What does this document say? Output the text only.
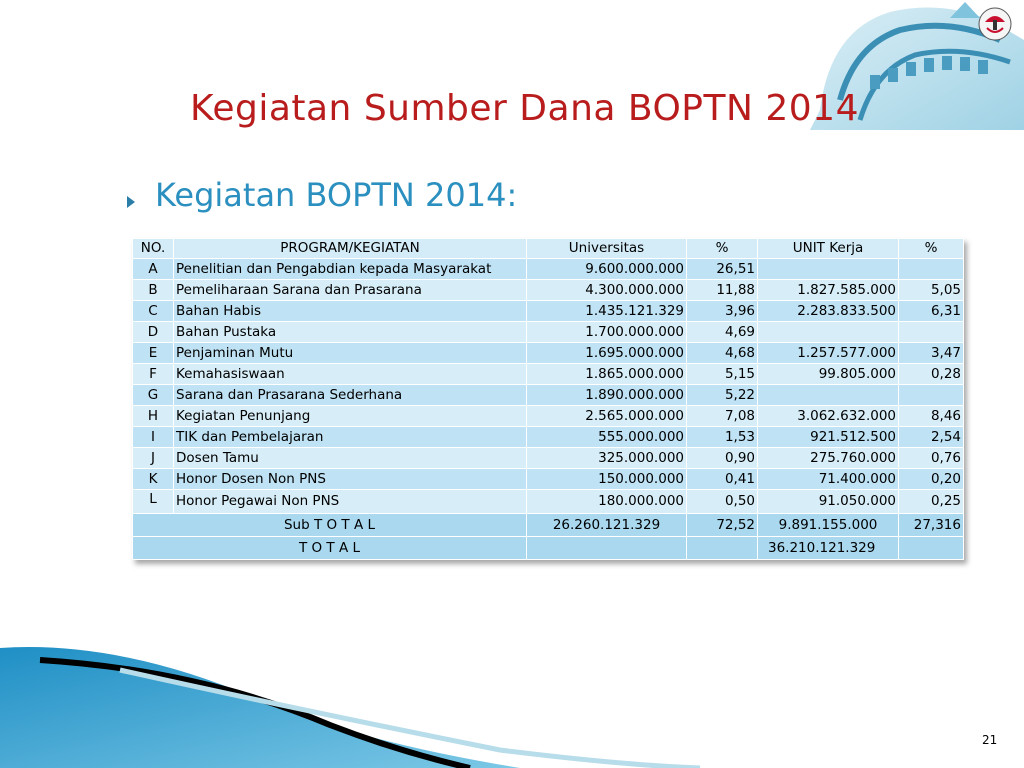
Kegiatan Sumber Dana BOPTN 2014
Kegiatan BOPTN 2014:
NO.	PROGRAM/KEGIATAN	Universitas	%	UNIT Kerja	%
A	Penelitian dan Pengabdian kepada Masyarakat	9.600.000.000	26,51		
B	Pemeliharaan Sarana dan Prasarana	4.300.000.000	11,88	1.827.585.000	5,05
C	Bahan Habis	1.435.121.329	3,96	2.283.833.500	6,31
D	Bahan Pustaka	1.700.000.000	4,69		
E	Penjaminan Mutu	1.695.000.000	4,68	1.257.577.000	3,47
F	Kemahasiswaan	1.865.000.000	5,15	99.805.000	0,28
G	Sarana dan Prasarana Sederhana	1.890.000.000	5,22		
H	Kegiatan Penunjang	2.565.000.000	7,08	3.062.632.000	8,46
I	TIK dan Pembelajaran	555.000.000	1,53	921.512.500	2,54
J	Dosen Tamu	325.000.000	0,90	275.760.000	0,76
K	Honor Dosen Non PNS	150.000.000	0,41	71.400.000	0,20
L	Honor Pegawai Non PNS	180.000.000	0,50	91.050.000	0,25
Sub T O T A L		26.260.121.329	72,52	9.891.155.000	27,316
T O T A L				36.210.121.329	
21
